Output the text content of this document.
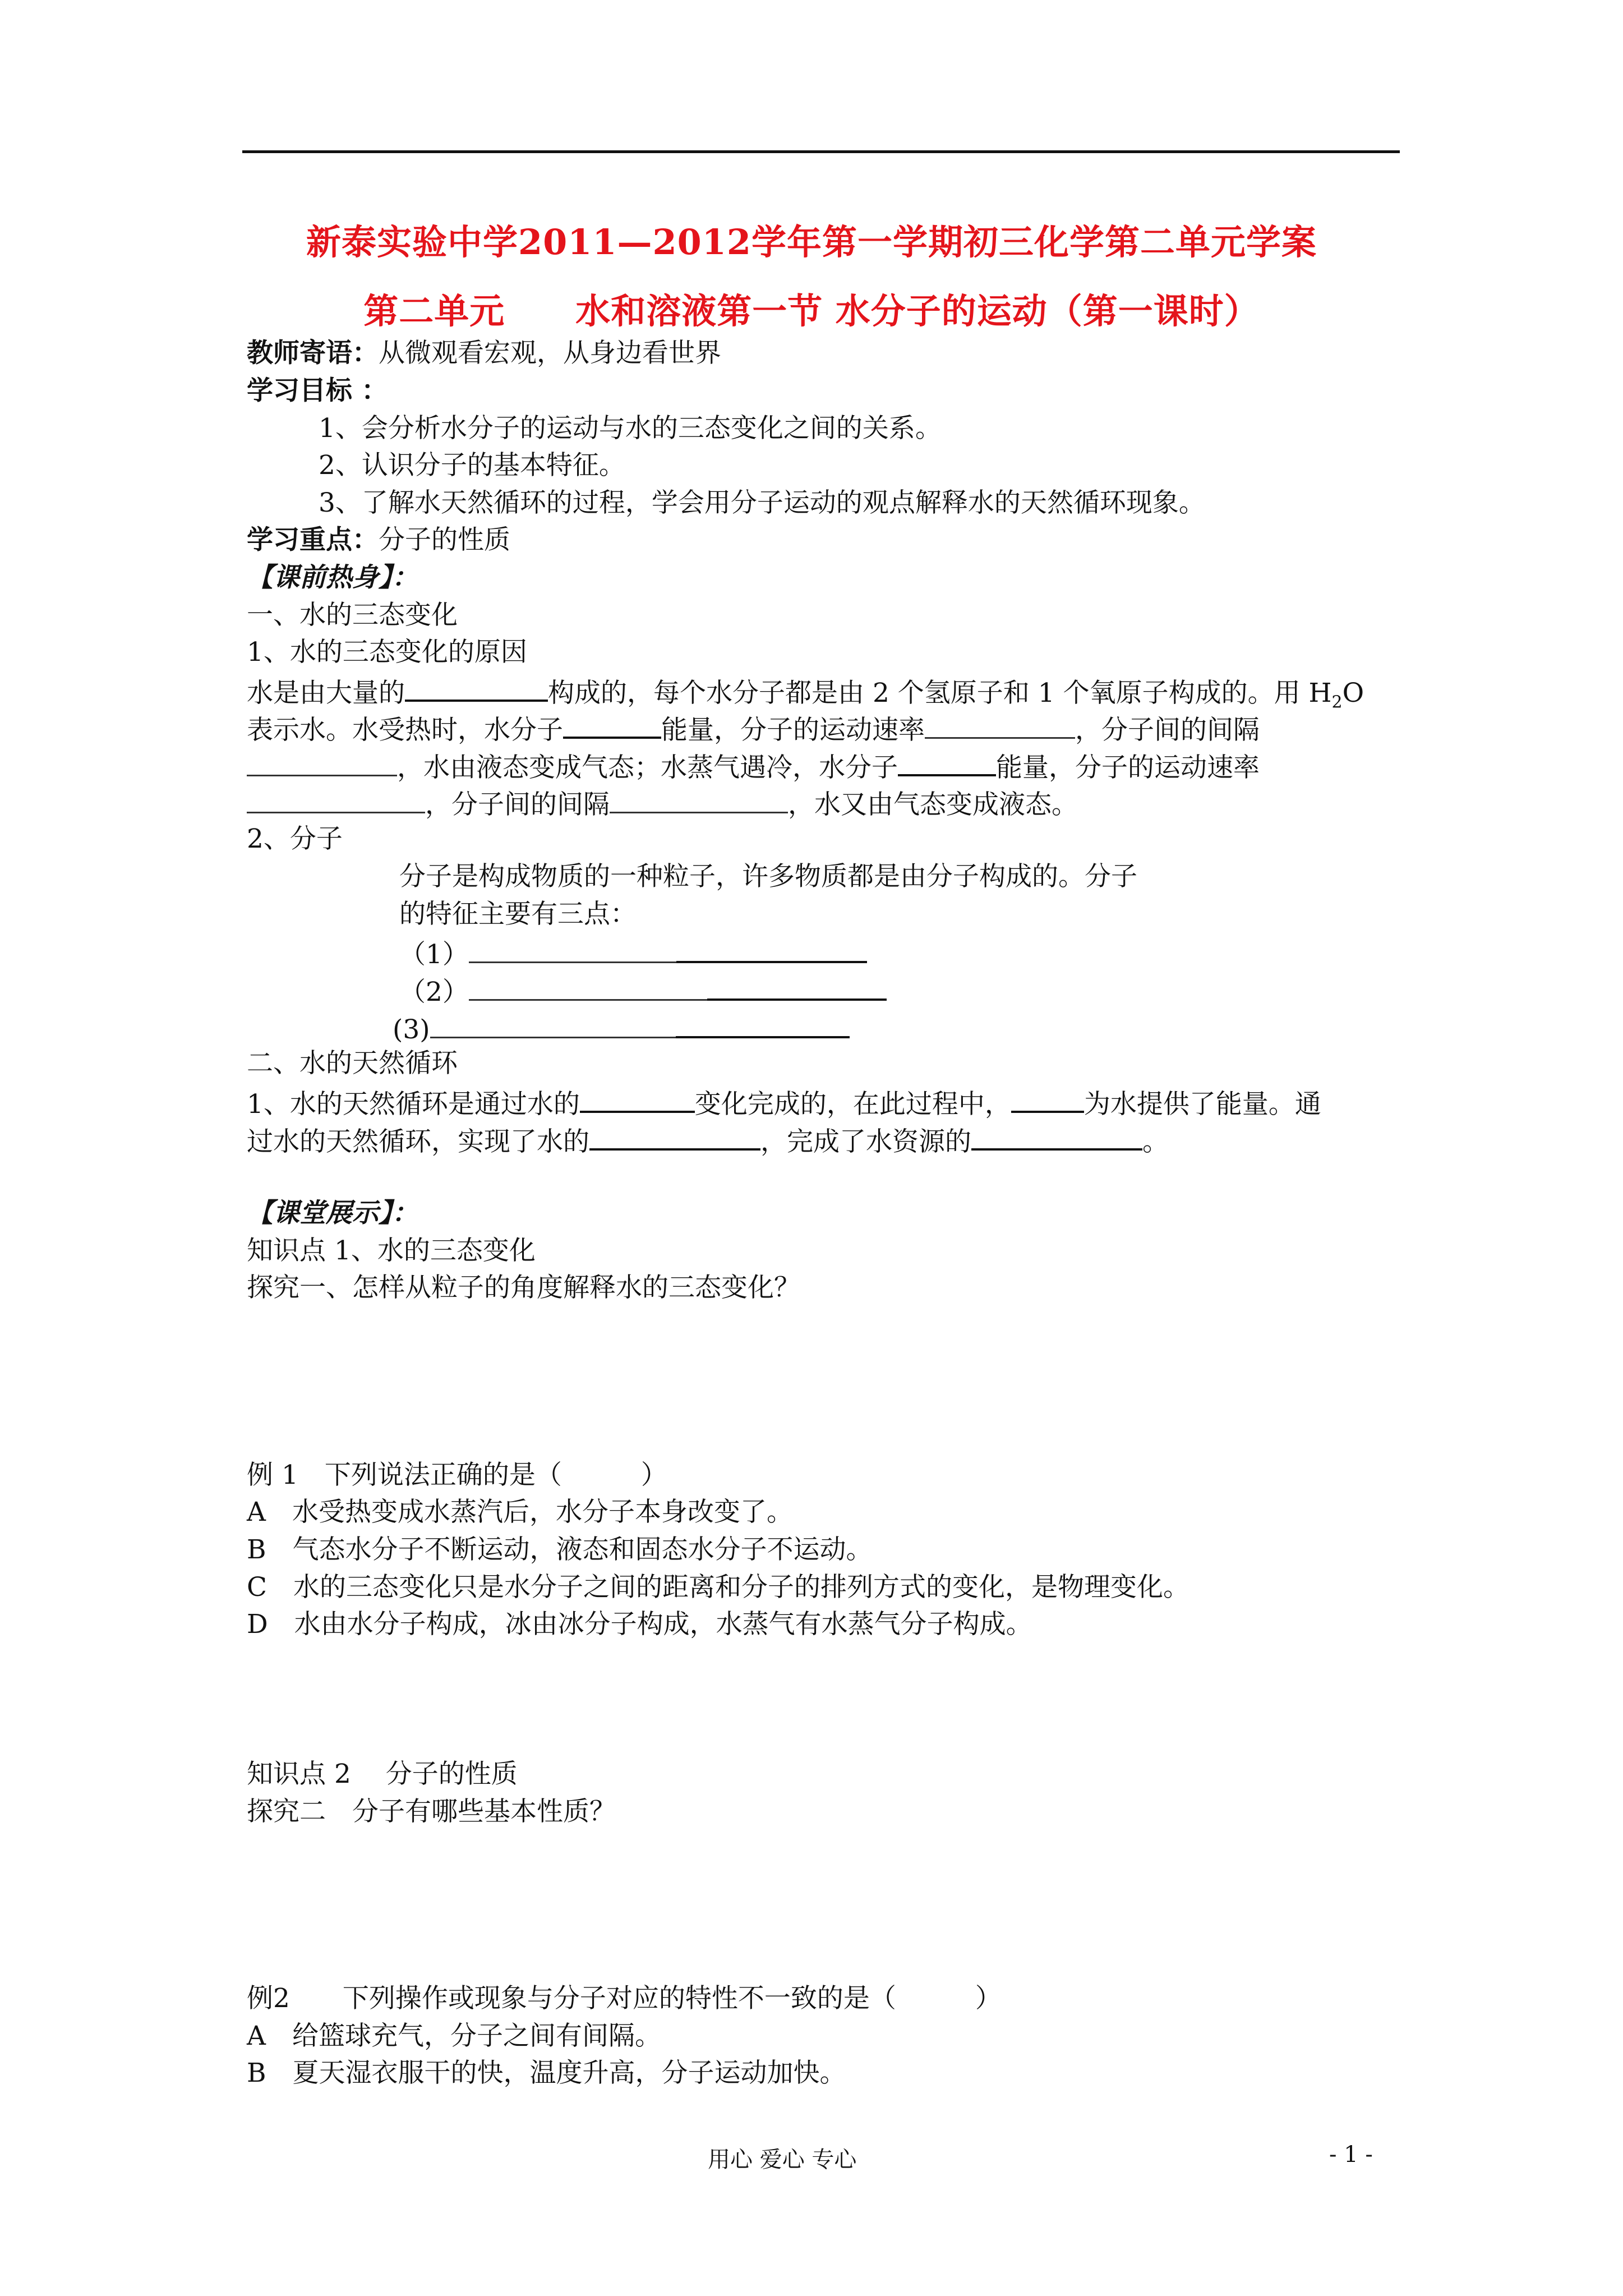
新泰实验中学2011—2012学年第一学期初三化学第二单元学案
第二单元　　水和溶液第一节 水分子的运动（第一课时）
教师寄语：从微观看宏观，从身边看世界
学习目标 ：
1、会分析水分子的运动与水的三态变化之间的关系。
2、认识分子的基本特征。
3、了解水天然循环的过程，学会用分子运动的观点解释水的天然循环现象。
学习重点：分子的性质
【课前热身】：
一、水的三态变化
1、水的三态变化的原因
水是由大量的	构成的，每个水分子都是由 2 个氢原子和 1 个氧原子构成的。用 $H_2O$
表示水。水受热时，水分子	能量，分子的运动速率	，分子间的间隔
，水由液态变成气态；水蒸气遇冷，水分子	能量，分子的运动速率
，分子间的间隔	，水又由气态变成液态。
2、分子
分子是构成物质的一种粒子，许多物质都是由分子构成的。分子
的特征主要有三点：
（1）
（2）
(3)
二、水的天然循环
1、水的天然循环是通过水的	变化完成的，在此过程中，	为水提供了能量。通
过水的天然循环，实现了水的	，完成了水资源的	。
【课堂展示】：
知识点 1、水的三态变化
探究一、怎样从粒子的角度解释水的三态变化？
例 1　下列说法正确的是（　　　）
A　水受热变成水蒸汽后，水分子本身改变了。
B　气态水分子不断运动，液态和固态水分子不运动。
C　水的三态变化只是水分子之间的距离和分子的排列方式的变化，是物理变化。
D　水由水分子构成，冰由冰分子构成，水蒸气有水蒸气分子构成。
知识点 2　 分子的性质
探究二　分子有哪些基本性质？
例2　　下列操作或现象与分子对应的特性不一致的是（　　　）
A　给篮球充气，分子之间有间隔。
B　夏天湿衣服干的快，温度升高，分子运动加快。
用心 爱心 专心	- 1 -
